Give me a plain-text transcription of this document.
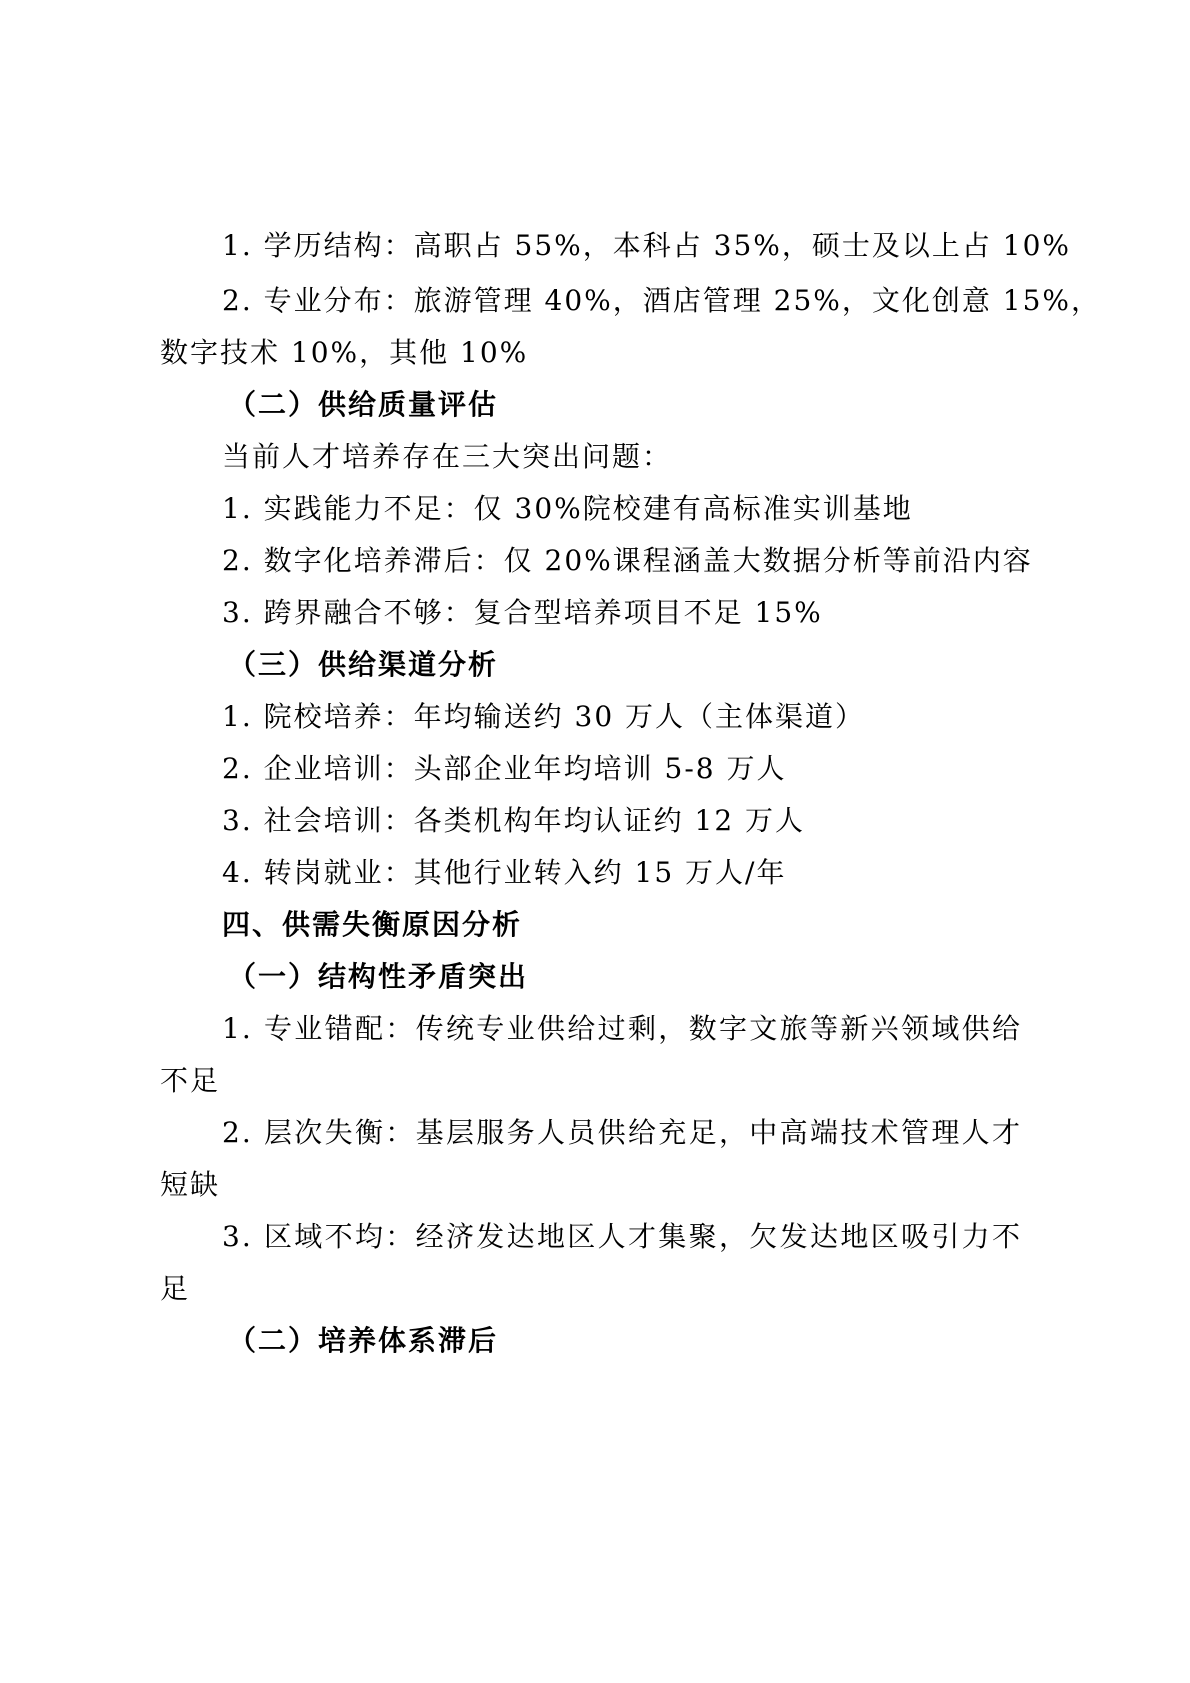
1. 学历结构：高职占 55%，本科占 35%，硕士及以上占 10%
2. 专业分布：旅游管理 40%，酒店管理 25%，文化创意 15%，
数字技术 10%，其他 10%
（二）供给质量评估
当前人才培养存在三大突出问题：
1. 实践能力不足：仅 30%院校建有高标准实训基地
2. 数字化培养滞后：仅 20%课程涵盖大数据分析等前沿内容
3. 跨界融合不够：复合型培养项目不足 15%
（三）供给渠道分析
1. 院校培养：年均输送约 30 万人（主体渠道）
2. 企业培训：头部企业年均培训 5-8 万人
3. 社会培训：各类机构年均认证约 12 万人
4. 转岗就业：其他行业转入约 15 万人/年
四、供需失衡原因分析
（一）结构性矛盾突出
1. 专业错配：传统专业供给过剩，数字文旅等新兴领域供给
不足
2. 层次失衡：基层服务人员供给充足，中高端技术管理人才
短缺
3. 区域不均：经济发达地区人才集聚，欠发达地区吸引力不
足
（二）培养体系滞后
